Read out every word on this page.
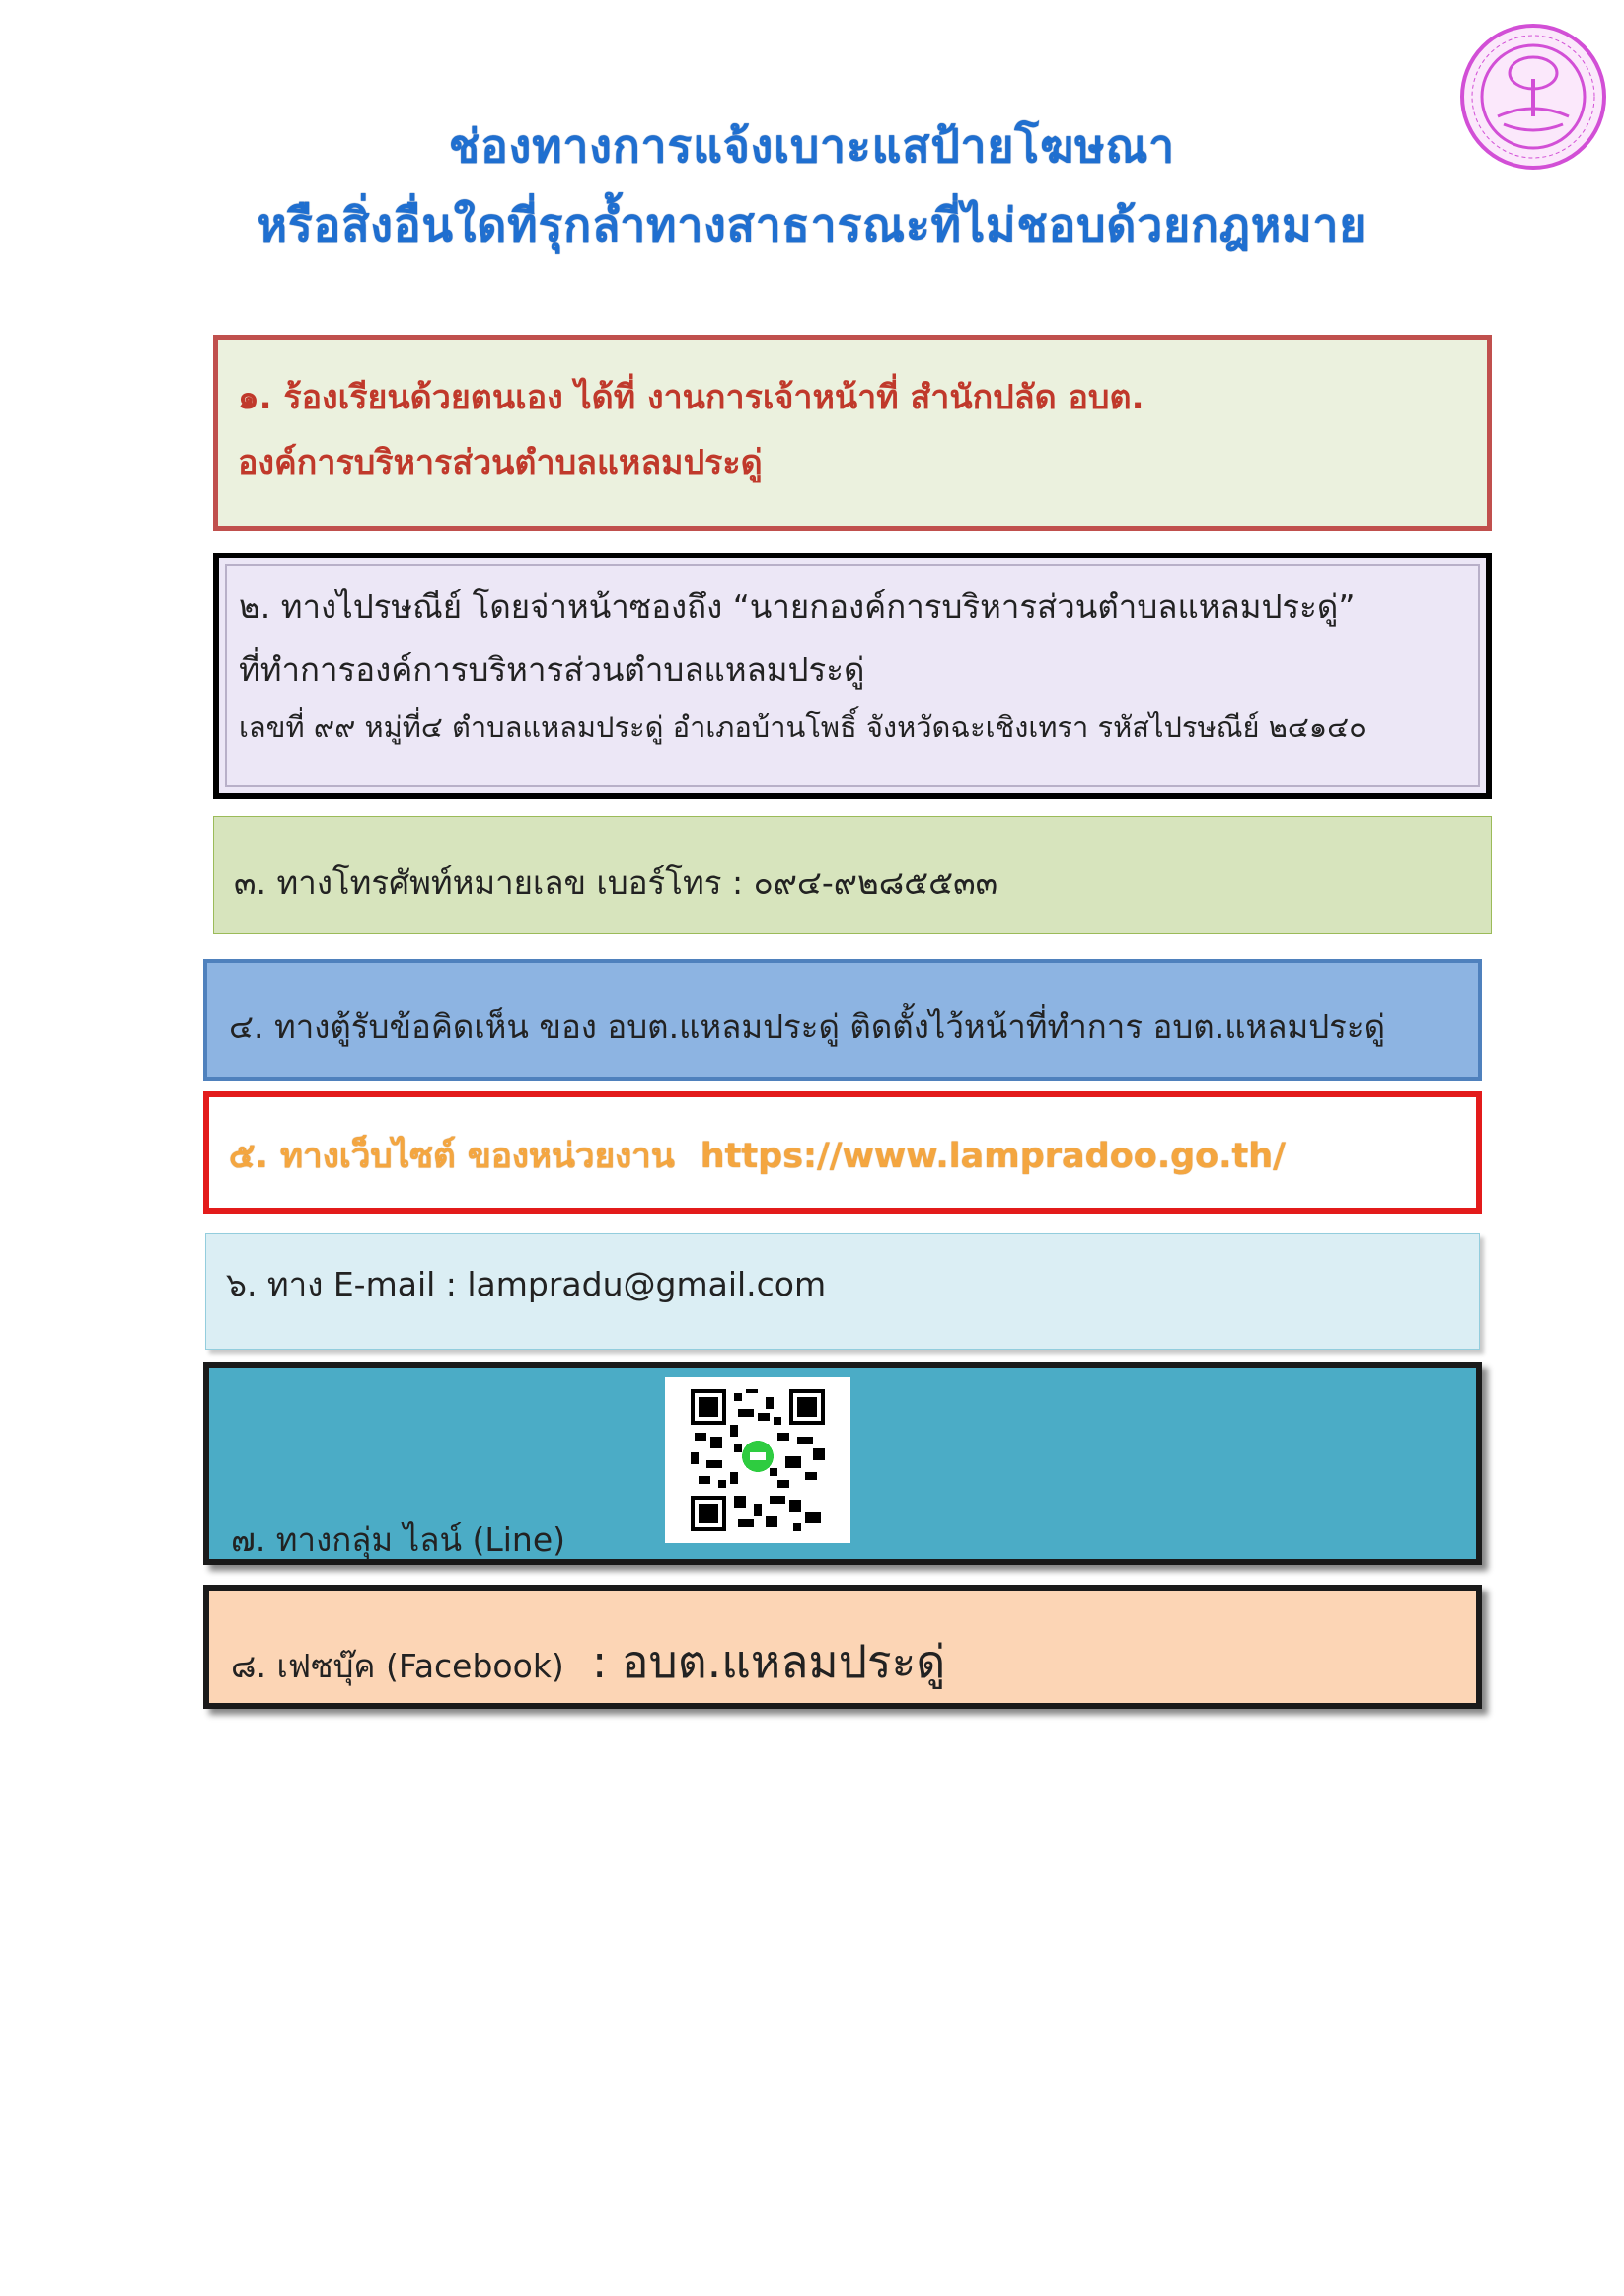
ช่องทางการแจ้งเบาะแสป้ายโฆษณา
หรือสิ่งอื่นใดที่รุกล้ำทางสาธารณะที่ไม่ชอบด้วยกฎหมาย
๑. ร้องเรียนด้วยตนเอง ได้ที่ งานการเจ้าหน้าที่ สำนักปลัด อบต.
องค์การบริหารส่วนตำบลแหลมประดู่
๒. ทางไปรษณีย์ โดยจ่าหน้าซองถึง “นายกองค์การบริหารส่วนตำบลแหลมประดู่”
ที่ทำการองค์การบริหารส่วนตำบลแหลมประดู่
เลขที่ ๙๙ หมู่ที่๔ ตำบลแหลมประดู่ อำเภอบ้านโพธิ์ จังหวัดฉะเชิงเทรา รหัสไปรษณีย์ ๒๔๑๔๐
๓. ทางโทรศัพท์หมายเลข เบอร์โทร : ๐๙๔-๙๒๘๕๕๓๓
๔. ทางตู้รับข้อคิดเห็น ของ อบต.แหลมประดู่ ติดตั้งไว้หน้าที่ทำการ อบต.แหลมประดู่
๕. ทางเว็บไซต์ ของหน่วยงาน https://www.lampradoo.go.th/
๖. ทาง E-mail : lampradu@gmail.com
๗. ทางกลุ่ม ไลน์ (Line)
๘. เฟซบุ๊ค (Facebook) : อบต.แหลมประดู่
